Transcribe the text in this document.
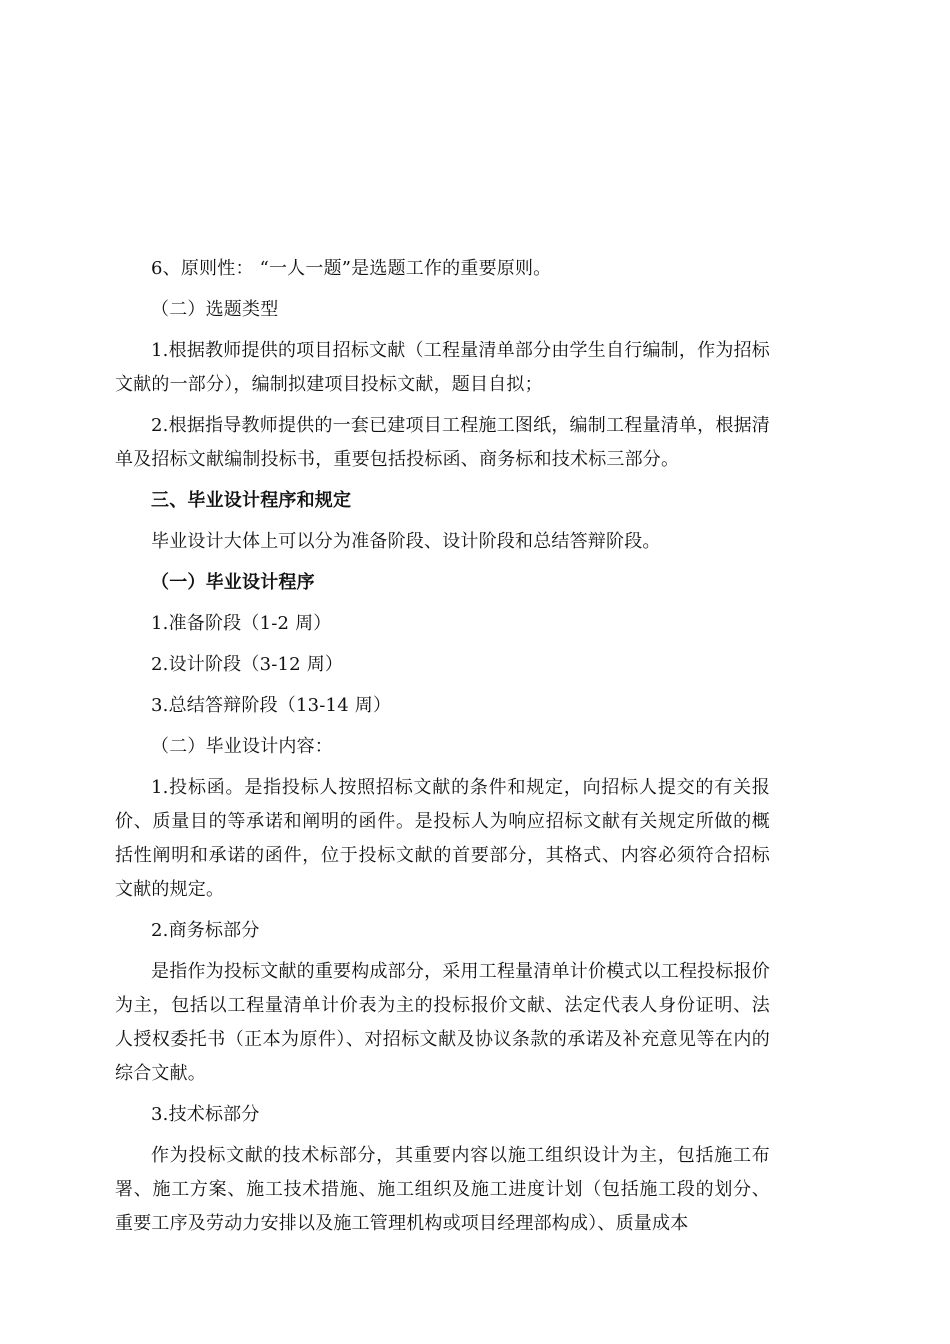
6、原则性： “一人一题”是选题工作的重要原则。

（二）选题类型

1.根据教师提供的项目招标文献（工程量清单部分由学生自行编制，作为招标文献的一部分），编制拟建项目投标文献，题目自拟；

2.根据指导教师提供的一套已建项目工程施工图纸，编制工程量清单，根据清单及招标文献编制投标书，重要包括投标函、商务标和技术标三部分。

三、毕业设计程序和规定

毕业设计大体上可以分为准备阶段、设计阶段和总结答辩阶段。

（一）毕业设计程序

1.准备阶段（1-2 周）

2.设计阶段（3-12 周）

3.总结答辩阶段（13-14 周）

（二）毕业设计内容：

1.投标函。是指投标人按照招标文献的条件和规定，向招标人提交的有关报价、质量目的等承诺和阐明的函件。是投标人为响应招标文献有关规定所做的概括性阐明和承诺的函件，位于投标文献的首要部分，其格式、内容必须符合招标文献的规定。

2.商务标部分

是指作为投标文献的重要构成部分，采用工程量清单计价模式以工程投标报价为主，包括以工程量清单计价表为主的投标报价文献、法定代表人身份证明、法人授权委托书（正本为原件）、对招标文献及协议条款的承诺及补充意见等在内的综合文献。

3.技术标部分

作为投标文献的技术标部分，其重要内容以施工组织设计为主，包括施工布署、施工方案、施工技术措施、施工组织及施工进度计划（包括施工段的划分、重要工序及劳动力安排以及施工管理机构或项目经理部构成）、质量成本
